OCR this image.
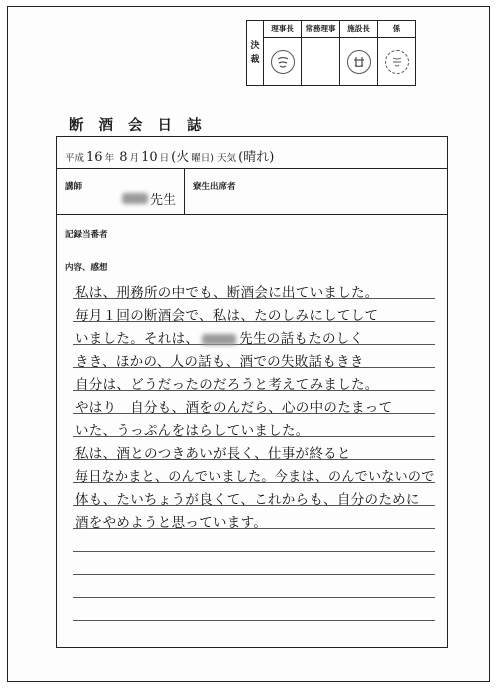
決
裁
理事長	常務理事	施設長	係
断酒会日誌
平成 16 年 8 月 10 日 (火 曜日) 天気 (晴れ)
講師
先生
寮生出席者
記録当番者
内容、感想
私は、刑務所の中でも、断酒会に出ていました。
毎月１回の断酒会で、私は、たのしみにしてして
いました。それは、	先生の話もたのしく
きき、ほかの、人の話も、酒での失敗話もきき
自分は、どうだったのだろうと考えてみました。
やはり　自分も、酒をのんだら、心の中のたまって
いた、うっぷんをはらしていました。
私は、酒とのつきあいが長く、仕事が終ると
毎日なかまと、のんでいました。今まは、のんでいないので
体も、たいちょうが良くて、これからも、自分のために
酒をやめようと思っています。
